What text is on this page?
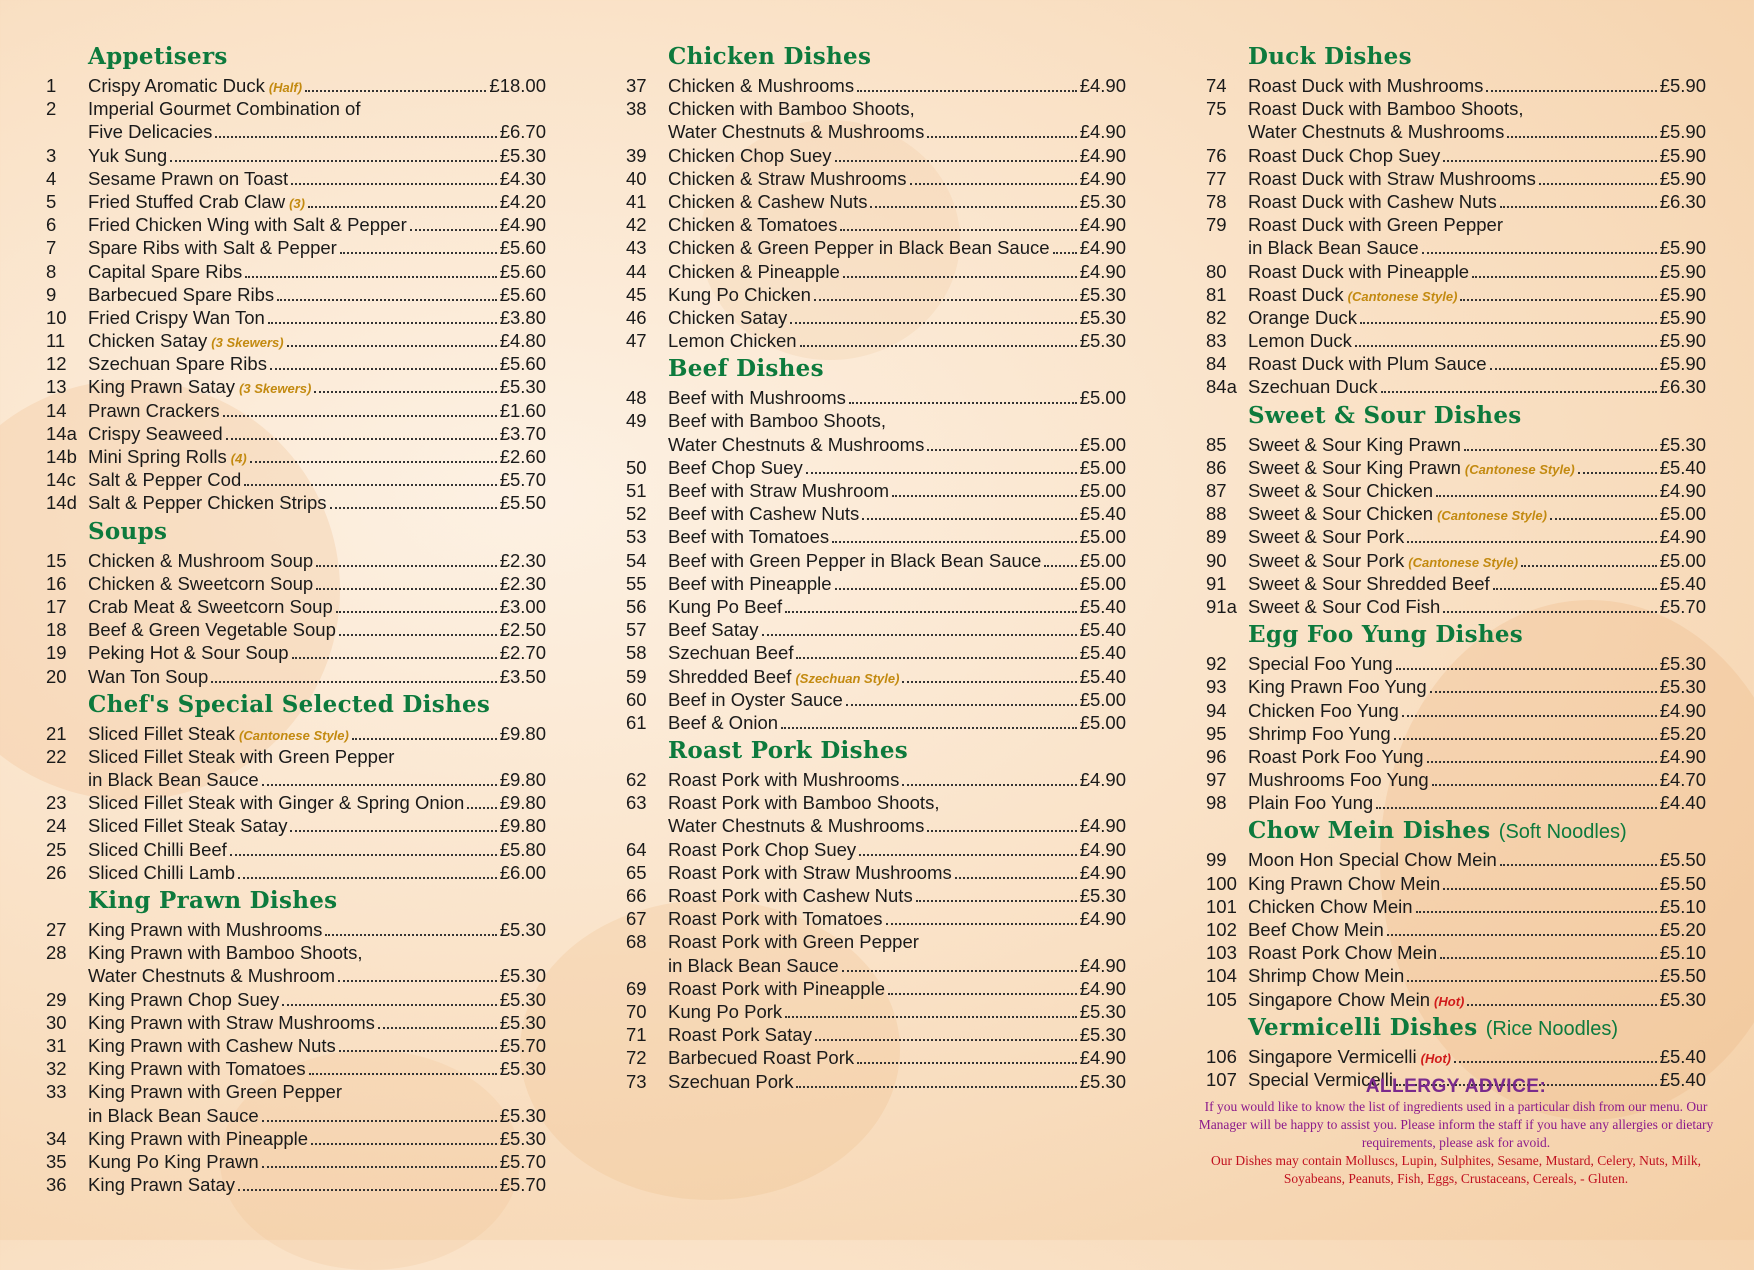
Appetisers
1	Crispy Aromatic Duck (Half)	£18.00
2	Imperial Gourmet Combination of
Five Delicacies	£6.70
3	Yuk Sung	£5.30
4	Sesame Prawn on Toast	£4.30
5	Fried Stuffed Crab Claw (3)	£4.20
6	Fried Chicken Wing with Salt & Pepper	£4.90
7	Spare Ribs with Salt & Pepper	£5.60
8	Capital Spare Ribs	£5.60
9	Barbecued Spare Ribs	£5.60
10	Fried Crispy Wan Ton	£3.80
11	Chicken Satay (3 Skewers)	£4.80
12	Szechuan Spare Ribs	£5.60
13	King Prawn Satay (3 Skewers)	£5.30
14	Prawn Crackers	£1.60
14a Crispy Seaweed	£3.70
14b Mini Spring Rolls (4)	£2.60
14c Salt & Pepper Cod	£5.70
14d Salt & Pepper Chicken Strips	£5.50
Soups
15	Chicken & Mushroom Soup	£2.30
16	Chicken & Sweetcorn Soup	£2.30
17	Crab Meat & Sweetcorn Soup	£3.00
18	Beef & Green Vegetable Soup	£2.50
19	Peking Hot & Sour Soup	£2.70
20	Wan Ton Soup	£3.50
Chef's Special Selected Dishes
21	Sliced Fillet Steak (Cantonese Style)	£9.80
22	Sliced Fillet Steak with Green Pepper
in Black Bean Sauce	£9.80
23	Sliced Fillet Steak with Ginger & Spring Onion £9.80
24	Sliced Fillet Steak Satay	£9.80
25	Sliced Chilli Beef	£5.80
26	Sliced Chilli Lamb	£6.00
King Prawn Dishes
27	King Prawn with Mushrooms	£5.30
28	King Prawn with Bamboo Shoots,
Water Chestnuts & Mushroom	£5.30
29	King Prawn Chop Suey	£5.30
30	King Prawn with Straw Mushrooms	£5.30
31	King Prawn with Cashew Nuts	£5.70
32	King Prawn with Tomatoes	£5.30
33	King Prawn with Green Pepper
in Black Bean Sauce	£5.30
34	King Prawn with Pineapple	£5.30
35	Kung Po King Prawn	£5.70
36	King Prawn Satay	£5.70
Chicken Dishes
37	Chicken & Mushrooms	£4.90
38	Chicken with Bamboo Shoots,
Water Chestnuts & Mushrooms	£4.90
39	Chicken Chop Suey	£4.90
40	Chicken & Straw Mushrooms	£4.90
41	Chicken & Cashew Nuts	£5.30
42	Chicken & Tomatoes	£4.90
43	Chicken & Green Pepper in Black Bean Sauce £4.90
44	Chicken & Pineapple	£4.90
45	Kung Po Chicken	£5.30
46	Chicken Satay	£5.30
47	Lemon Chicken	£5.30
Beef Dishes
48	Beef with Mushrooms	£5.00
49	Beef with Bamboo Shoots,
Water Chestnuts & Mushrooms	£5.00
50	Beef Chop Suey	£5.00
51	Beef with Straw Mushroom	£5.00
52	Beef with Cashew Nuts	£5.40
53	Beef with Tomatoes	£5.00
54	Beef with Green Pepper in Black Bean Sauce £5.00
55	Beef with Pineapple	£5.00
56	Kung Po Beef	£5.40
57	Beef Satay	£5.40
58	Szechuan Beef	£5.40
59	Shredded Beef (Szechuan Style)	£5.40
60	Beef in Oyster Sauce	£5.00
61	Beef & Onion	£5.00
Roast Pork Dishes
62	Roast Pork with Mushrooms	£4.90
63	Roast Pork with Bamboo Shoots,
Water Chestnuts & Mushrooms	£4.90
64	Roast Pork Chop Suey	£4.90
65	Roast Pork with Straw Mushrooms	£4.90
66	Roast Pork with Cashew Nuts	£5.30
67	Roast Pork with Tomatoes	£4.90
68	Roast Pork with Green Pepper
in Black Bean Sauce	£4.90
69	Roast Pork with Pineapple	£4.90
70	Kung Po Pork	£5.30
71	Roast Pork Satay	£5.30
72	Barbecued Roast Pork	£4.90
73	Szechuan Pork	£5.30
Duck Dishes
74	Roast Duck with Mushrooms	£5.90
75	Roast Duck with Bamboo Shoots,
Water Chestnuts & Mushrooms	£5.90
76	Roast Duck Chop Suey	£5.90
77	Roast Duck with Straw Mushrooms	£5.90
78	Roast Duck with Cashew Nuts	£6.30
79	Roast Duck with Green Pepper
in Black Bean Sauce	£5.90
80	Roast Duck with Pineapple	£5.90
81	Roast Duck (Cantonese Style)	£5.90
82	Orange Duck	£5.90
83	Lemon Duck	£5.90
84	Roast Duck with Plum Sauce	£5.90
84a Szechuan Duck	£6.30
Sweet & Sour Dishes
85	Sweet & Sour King Prawn	£5.30
86	Sweet & Sour King Prawn (Cantonese Style)	£5.40
87	Sweet & Sour Chicken	£4.90
88	Sweet & Sour Chicken (Cantonese Style)	£5.00
89	Sweet & Sour Pork	£4.90
90	Sweet & Sour Pork (Cantonese Style)	£5.00
91	Sweet & Sour Shredded Beef	£5.40
91a Sweet & Sour Cod Fish	£5.70
Egg Foo Yung Dishes
92	Special Foo Yung	£5.30
93	King Prawn Foo Yung	£5.30
94	Chicken Foo Yung	£4.90
95	Shrimp Foo Yung	£5.20
96	Roast Pork Foo Yung	£4.90
97	Mushrooms Foo Yung	£4.70
98	Plain Foo Yung	£4.40
Chow Mein Dishes (Soft Noodles)
99	Moon Hon Special Chow Mein	£5.50
100 King Prawn Chow Mein	£5.50
101 Chicken Chow Mein	£5.10
102 Beef Chow Mein	£5.20
103 Roast Pork Chow Mein	£5.10
104 Shrimp Chow Mein	£5.50
105 Singapore Chow Mein (Hot)	£5.30
Vermicelli Dishes (Rice Noodles)
106 Singapore Vermicelli (Hot)	£5.40
107 Special Vermicelli	£5.40
ALLERGY ADVICE:
If you would like to know the list of ingredients used in a particular dish from our menu. Our Manager will be happy to assist you. Please inform the staff if you have any allergies or dietary requirements, please ask for avoid.
Our Dishes may contain Molluscs, Lupin, Sulphites, Sesame, Mustard, Celery, Nuts, Milk, Soyabeans, Peanuts, Fish, Eggs, Crustaceans, Cereals, - Gluten.
